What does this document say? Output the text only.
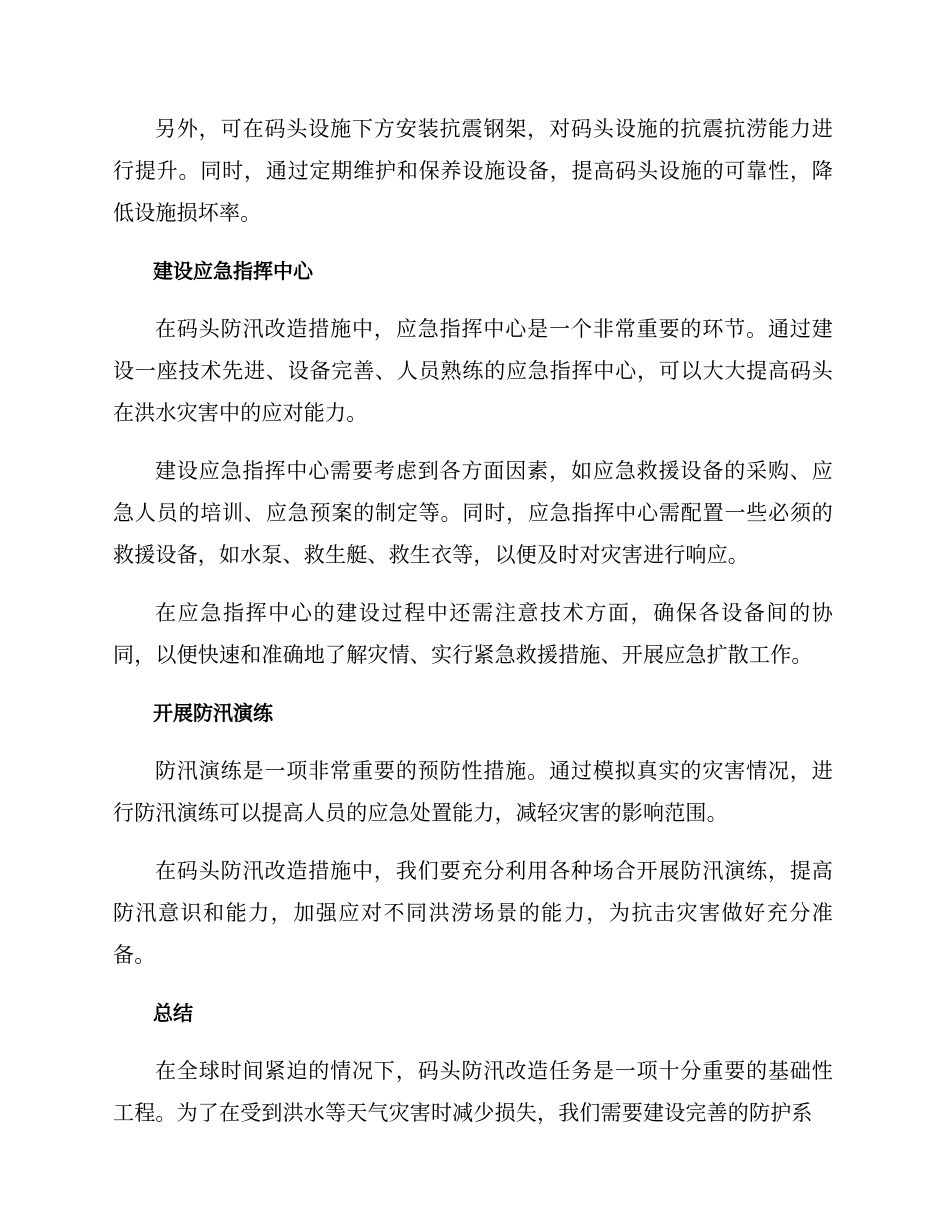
另外，可在码头设施下方安装抗震钢架，对码头设施的抗震抗涝能力进行提升。同时，通过定期维护和保养设施设备，提高码头设施的可靠性，降低设施损坏率。

建设应急指挥中心

在码头防汛改造措施中，应急指挥中心是一个非常重要的环节。通过建设一座技术先进、设备完善、人员熟练的应急指挥中心，可以大大提高码头在洪水灾害中的应对能力。

建设应急指挥中心需要考虑到各方面因素，如应急救援设备的采购、应急人员的培训、应急预案的制定等。同时，应急指挥中心需配置一些必须的救援设备，如水泵、救生艇、救生衣等，以便及时对灾害进行响应。

在应急指挥中心的建设过程中还需注意技术方面，确保各设备间的协同，以便快速和准确地了解灾情、实行紧急救援措施、开展应急扩散工作。

开展防汛演练

防汛演练是一项非常重要的预防性措施。通过模拟真实的灾害情况，进行防汛演练可以提高人员的应急处置能力，减轻灾害的影响范围。

在码头防汛改造措施中，我们要充分利用各种场合开展防汛演练，提高防汛意识和能力，加强应对不同洪涝场景的能力，为抗击灾害做好充分准备。

总结

在全球时间紧迫的情况下，码头防汛改造任务是一项十分重要的基础性工程。为了在受到洪水等天气灾害时减少损失，我们需要建设完善的防护系
